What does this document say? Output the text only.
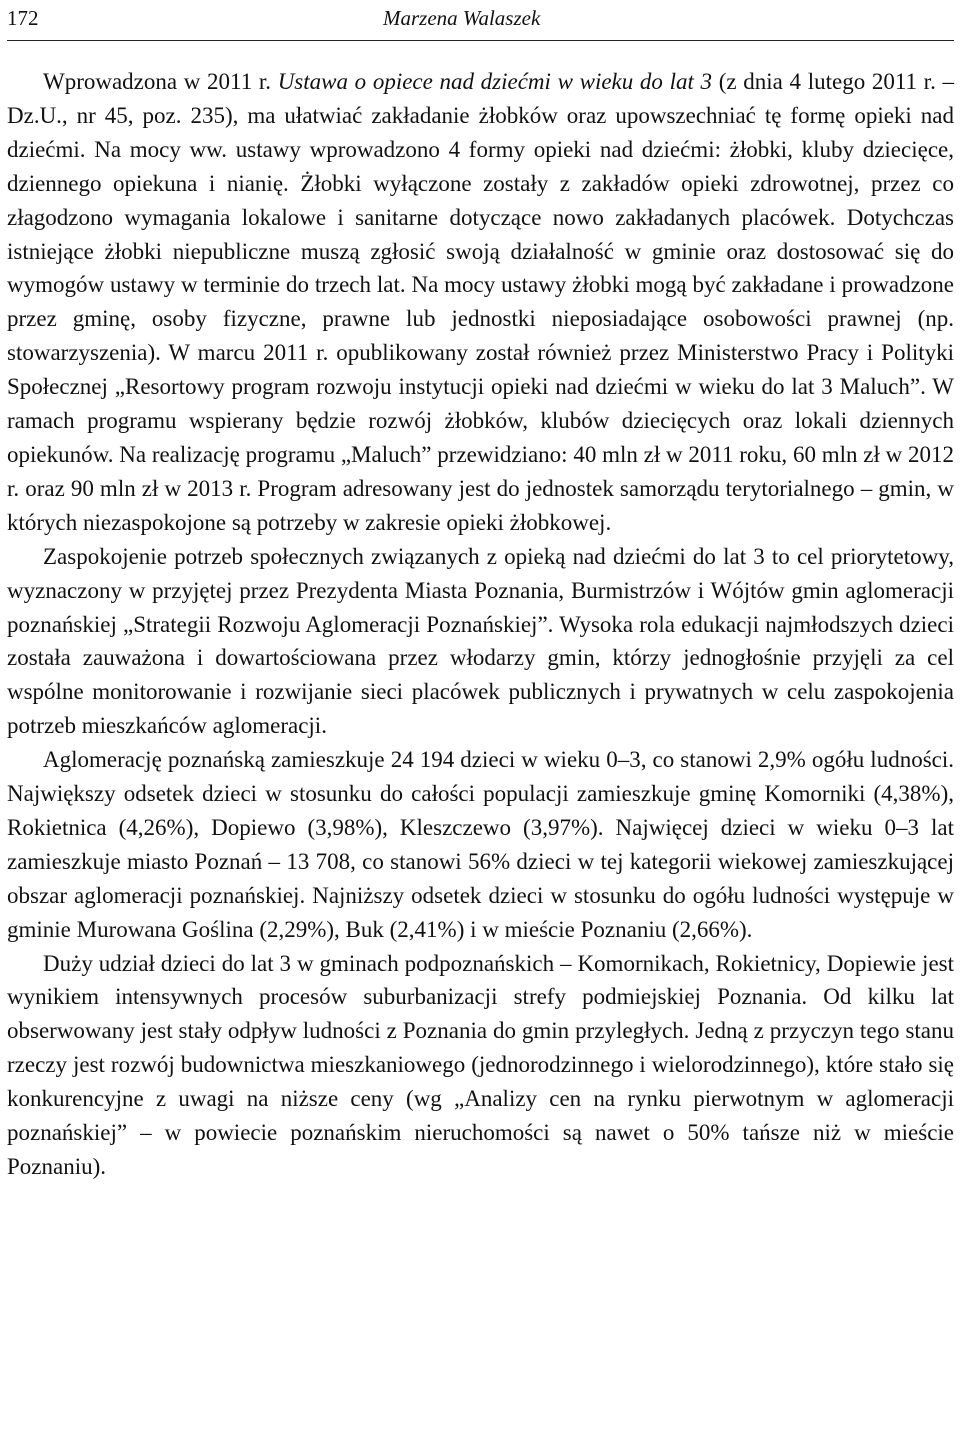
172	Marzena Walaszek

Wprowadzona w 2011 r. Ustawa o opiece nad dziećmi w wieku do lat 3 (z dnia 4 lutego 2011 r. – Dz.U., nr 45, poz. 235), ma ułatwiać zakładanie żłobków oraz upowszechniać tę formę opieki nad dziećmi. Na mocy ww. ustawy wprowadzono 4 formy opieki nad dziećmi: żłobki, kluby dziecięce, dziennego opiekuna i nianię. Żłobki wyłączone zostały z zakładów opieki zdrowotnej, przez co złagodzono wymagania lokalowe i sanitarne dotyczące nowo zakładanych placówek. Dotychczas istniejące żłobki niepubliczne muszą zgłosić swoją działalność w gminie oraz dostosować się do wymogów ustawy w terminie do trzech lat. Na mocy ustawy żłobki mogą być zakładane i prowadzone przez gminę, osoby fizyczne, prawne lub jednostki nieposiadające osobowości prawnej (np. stowarzyszenia). W marcu 2011 r. opublikowany został również przez Ministerstwo Pracy i Polityki Społecznej „Resortowy program rozwoju instytucji opieki nad dziećmi w wieku do lat 3 Maluch”. W ramach programu wspierany będzie rozwój żłobków, klubów dziecięcych oraz lokali dziennych opiekunów. Na realizację programu „Maluch” przewidziano: 40 mln zł w 2011 roku, 60 mln zł w 2012 r. oraz 90 mln zł w 2013 r. Program adresowany jest do jednostek samorządu terytorialnego – gmin, w których niezaspokojone są potrzeby w zakresie opieki żłobkowej.

Zaspokojenie potrzeb społecznych związanych z opieką nad dziećmi do lat 3 to cel priorytetowy, wyznaczony w przyjętej przez Prezydenta Miasta Poznania, Burmistrzów i Wójtów gmin aglomeracji poznańskiej „Strategii Rozwoju Aglomeracji Poznańskiej”. Wysoka rola edukacji najmłodszych dzieci została zauważona i dowartościowana przez włodarzy gmin, którzy jednogłośnie przyjęli za cel wspólne monitorowanie i rozwijanie sieci placówek publicznych i prywatnych w celu zaspokojenia potrzeb mieszkańców aglomeracji.

Aglomerację poznańską zamieszkuje 24 194 dzieci w wieku 0–3, co stanowi 2,9% ogółu ludności. Największy odsetek dzieci w stosunku do całości populacji zamieszkuje gminę Komorniki (4,38%), Rokietnica (4,26%), Dopiewo (3,98%), Kleszczewo (3,97%). Najwięcej dzieci w wieku 0–3 lat zamieszkuje miasto Poznań – 13 708, co stanowi 56% dzieci w tej kategorii wiekowej zamieszkującej obszar aglomeracji poznańskiej. Najniższy odsetek dzieci w stosunku do ogółu ludności występuje w gminie Murowana Goślina (2,29%), Buk (2,41%) i w mieście Poznaniu (2,66%).

Duży udział dzieci do lat 3 w gminach podpoznańskich – Komornikach, Rokietnicy, Dopiewie jest wynikiem intensywnych procesów suburbanizacji strefy podmiejskiej Poznania. Od kilku lat obserwowany jest stały odpływ ludności z Poznania do gmin przyległych. Jedną z przyczyn tego stanu rzeczy jest rozwój budownictwa mieszkaniowego (jednorodzinnego i wielorodzinnego), które stało się konkurencyjne z uwagi na niższe ceny (wg „Analizy cen na rynku pierwotnym w aglomeracji poznańskiej” – w powiecie poznańskim nieruchomości są nawet o 50% tańsze niż w mieście Poznaniu).
